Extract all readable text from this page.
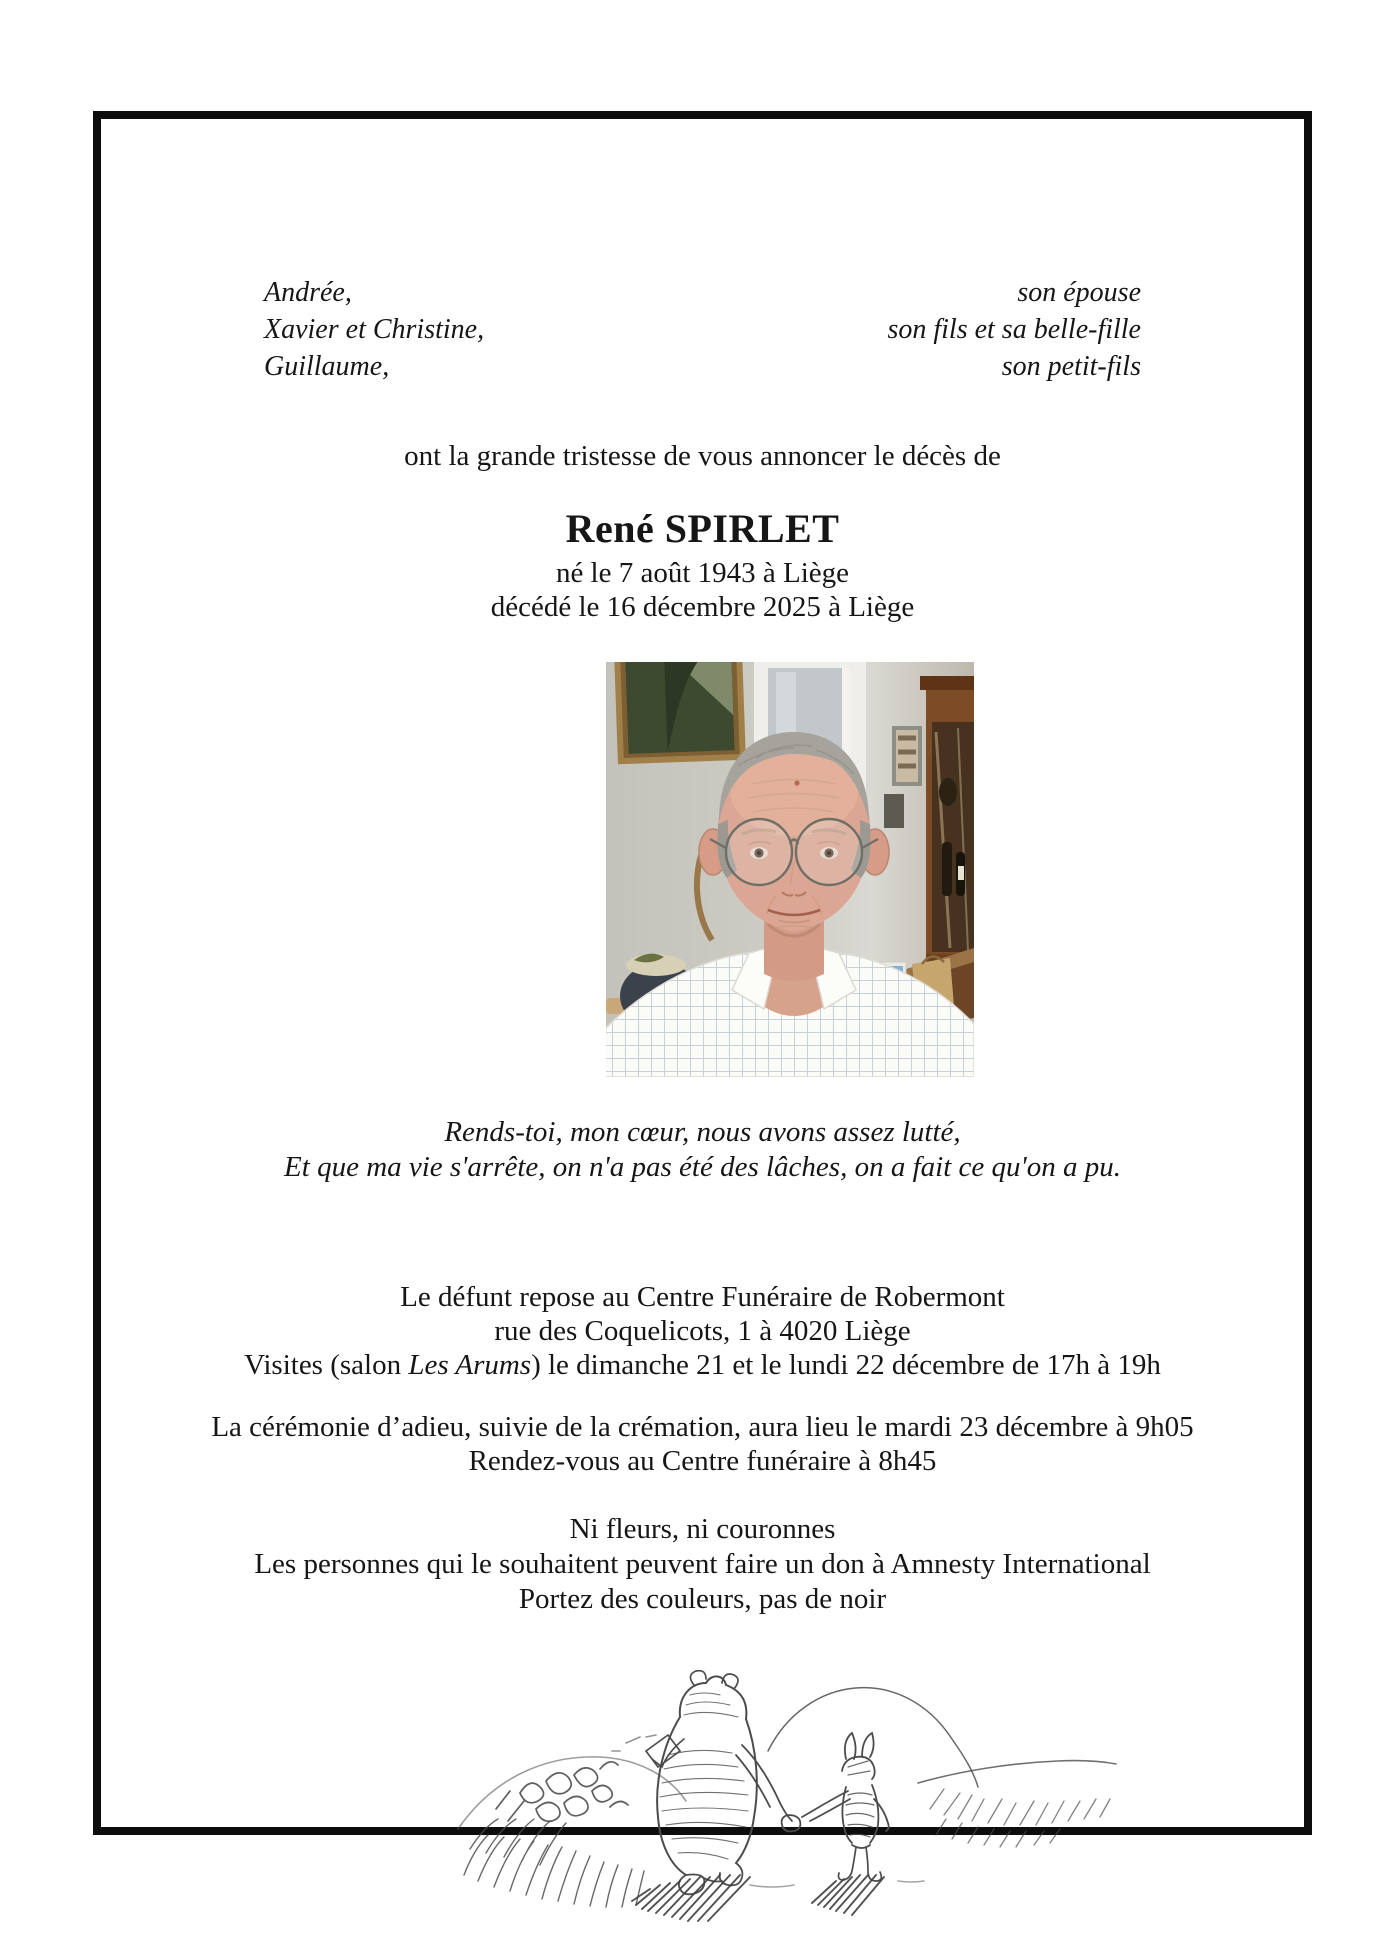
Andrée,
Xavier et Christine,
Guillaume,
son épouse
son fils et sa belle-fille
son petit-fils
ont la grande tristesse de vous annoncer le décès de
René SPIRLET
né le 7 août 1943 à Liège
décédé le 16 décembre 2025 à Liège
Rends-toi, mon cœur, nous avons assez lutté,
Et que ma vie s'arrête, on n'a pas été des lâches, on a fait ce qu'on a pu.
Le défunt repose au Centre Funéraire de Robermont
rue des Coquelicots, 1 à 4020 Liège
Visites (salon Les Arums) le dimanche 21 et le lundi 22 décembre de 17h à 19h
La cérémonie d’adieu, suivie de la crémation, aura lieu le mardi 23 décembre à 9h05
Rendez-vous au Centre funéraire à 8h45
Ni fleurs, ni couronnes
Les personnes qui le souhaitent peuvent faire un don à Amnesty International
Portez des couleurs, pas de noir
